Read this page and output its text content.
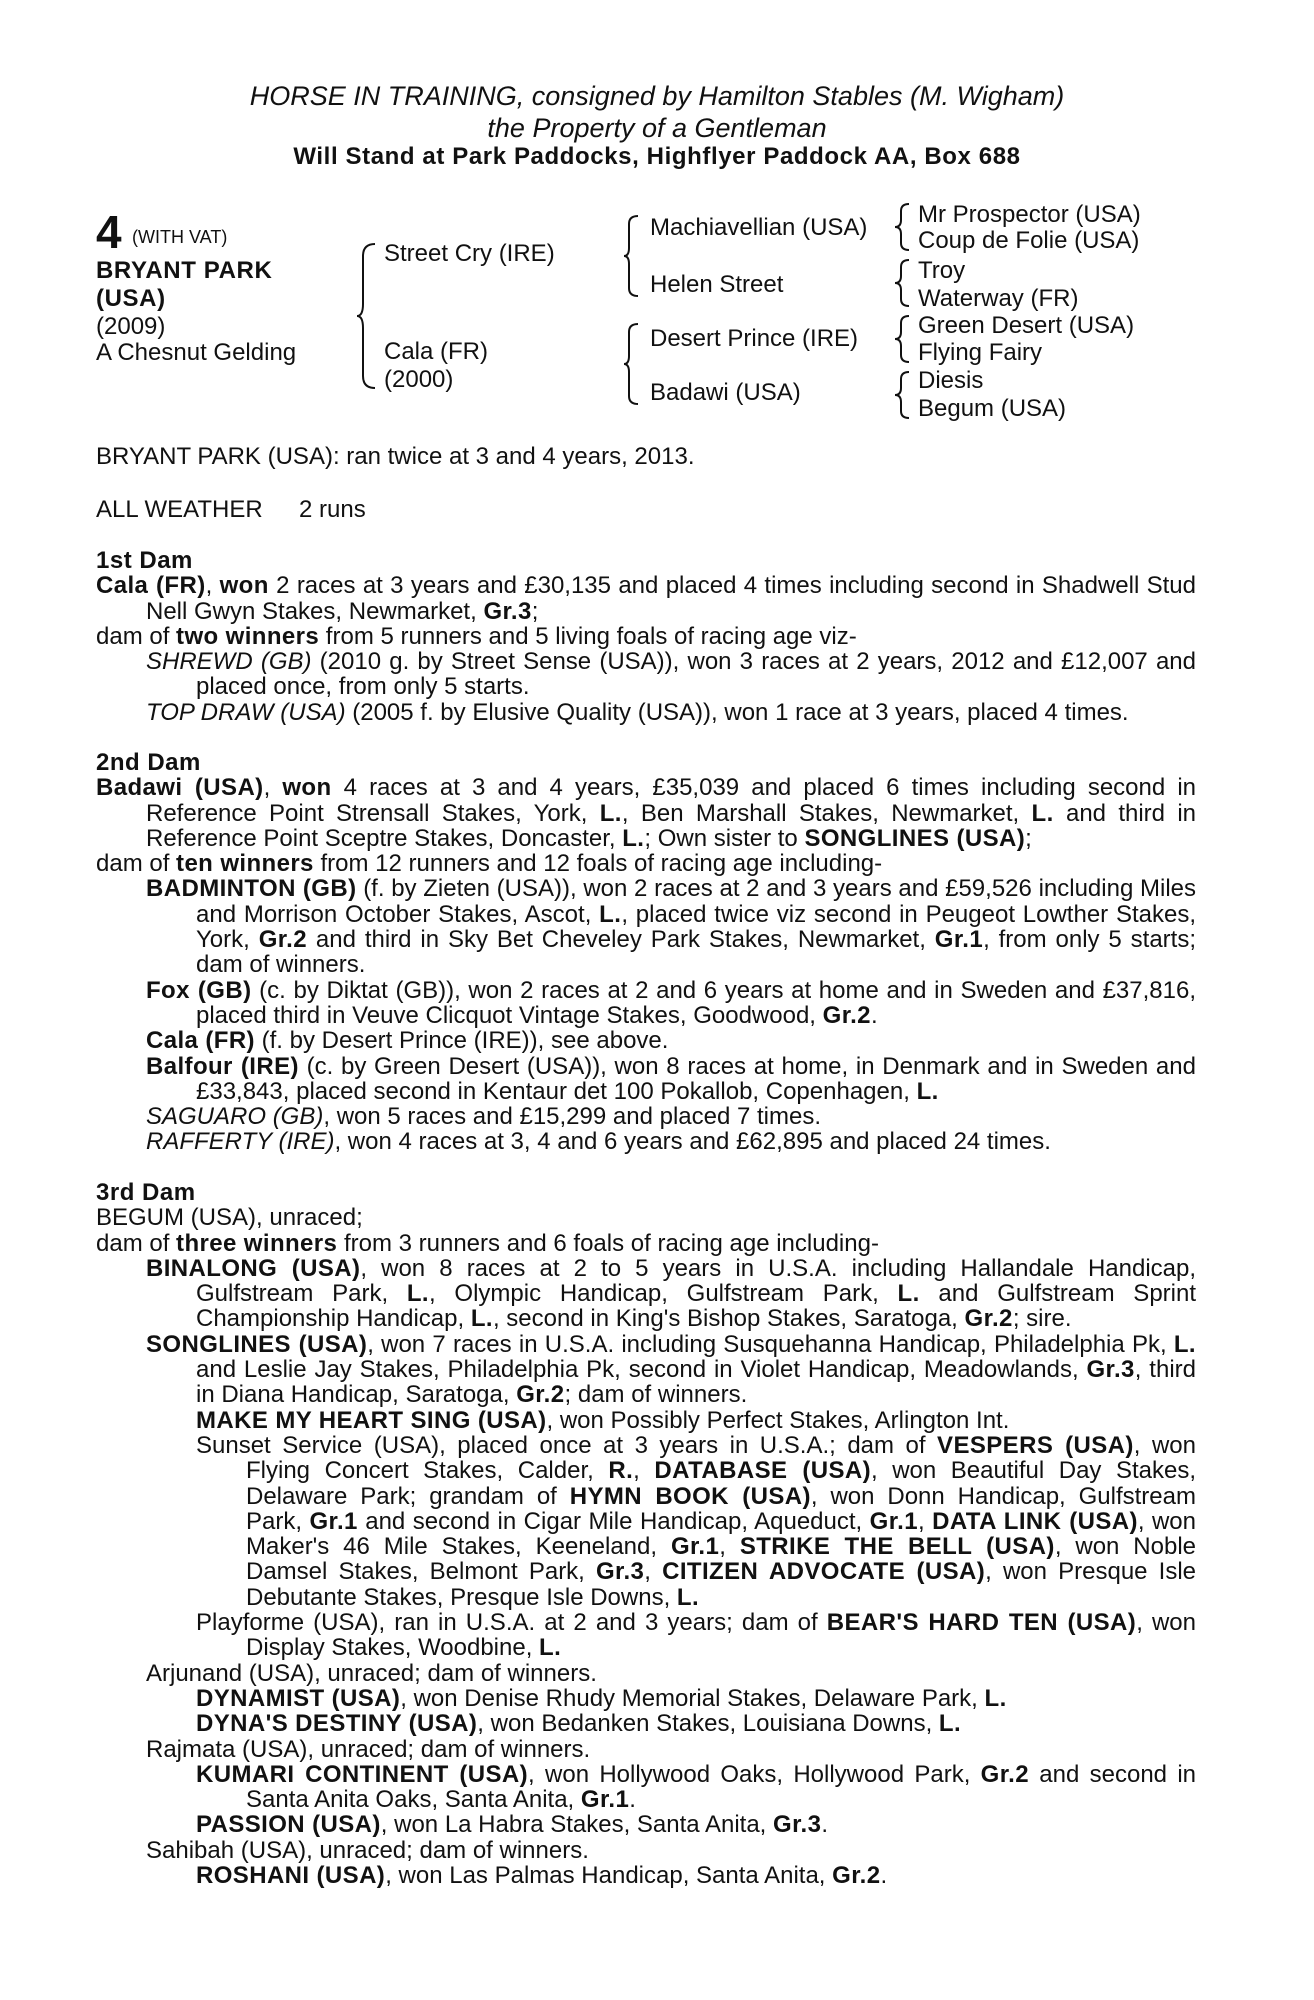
HORSE IN TRAINING, consigned by Hamilton Stables (M. Wigham)
the Property of a Gentleman
Will Stand at Park Paddocks, Highflyer Paddock AA, Box 688
4 (WITH VAT)
BRYANT PARK
(USA)
(2009)
A Chesnut Gelding
Street Cry (IRE)
Cala (FR)
(2000)
Machiavellian (USA)
Helen Street
Desert Prince (IRE)
Badawi (USA)
Mr Prospector (USA)
Coup de Folie (USA)
Troy
Waterway (FR)
Green Desert (USA)
Flying Fairy
Diesis
Begum (USA)
BRYANT PARK (USA): ran twice at 3 and 4 years, 2013.
ALL WEATHER 2 runs

1st Dam

Cala (FR), won 2 races at 3 years and £30,135 and placed 4 times including second in Shadwell Stud Nell Gwyn Stakes, Newmarket, Gr.3;

dam of two winners from 5 runners and 5 living foals of racing age viz-

SHREWD (GB) (2010 g. by Street Sense (USA)), won 3 races at 2 years, 2012 and £12,007 and placed once, from only 5 starts.

TOP DRAW (USA) (2005 f. by Elusive Quality (USA)), won 1 race at 3 years, placed 4 times.

2nd Dam

Badawi (USA), won 4 races at 3 and 4 years, £35,039 and placed 6 times including second in Reference Point Strensall Stakes, York, L., Ben Marshall Stakes, Newmarket, L. and third in Reference Point Sceptre Stakes, Doncaster, L.; Own sister to SONGLINES (USA);

dam of ten winners from 12 runners and 12 foals of racing age including-

BADMINTON (GB) (f. by Zieten (USA)), won 2 races at 2 and 3 years and £59,526 including Miles and Morrison October Stakes, Ascot, L., placed twice viz second in Peugeot Lowther Stakes, York, Gr.2 and third in Sky Bet Cheveley Park Stakes, Newmarket, Gr.1, from only 5 starts; dam of winners.

Fox (GB) (c. by Diktat (GB)), won 2 races at 2 and 6 years at home and in Sweden and £37,816, placed third in Veuve Clicquot Vintage Stakes, Goodwood, Gr.2.

Cala (FR) (f. by Desert Prince (IRE)), see above.

Balfour (IRE) (c. by Green Desert (USA)), won 8 races at home, in Denmark and in Sweden and £33,843, placed second in Kentaur det 100 Pokallob, Copenhagen, L.

SAGUARO (GB), won 5 races and £15,299 and placed 7 times.

RAFFERTY (IRE), won 4 races at 3, 4 and 6 years and £62,895 and placed 24 times.

3rd Dam

BEGUM (USA), unraced;

dam of three winners from 3 runners and 6 foals of racing age including-

BINALONG (USA), won 8 races at 2 to 5 years in U.S.A. including Hallandale Handicap, Gulfstream Park, L., Olympic Handicap, Gulfstream Park, L. and Gulfstream Sprint Championship Handicap, L., second in King's Bishop Stakes, Saratoga, Gr.2; sire.

SONGLINES (USA), won 7 races in U.S.A. including Susquehanna Handicap, Philadelphia Pk, L. and Leslie Jay Stakes, Philadelphia Pk, second in Violet Handicap, Meadowlands, Gr.3, third in Diana Handicap, Saratoga, Gr.2; dam of winners.

MAKE MY HEART SING (USA), won Possibly Perfect Stakes, Arlington Int.

Sunset Service (USA), placed once at 3 years in U.S.A.; dam of VESPERS (USA), won Flying Concert Stakes, Calder, R., DATABASE (USA), won Beautiful Day Stakes, Delaware Park; grandam of HYMN BOOK (USA), won Donn Handicap, Gulfstream Park, Gr.1 and second in Cigar Mile Handicap, Aqueduct, Gr.1, DATA LINK (USA), won Maker's 46 Mile Stakes, Keeneland, Gr.1, STRIKE THE BELL (USA), won Noble Damsel Stakes, Belmont Park, Gr.3, CITIZEN ADVOCATE (USA), won Presque Isle Debutante Stakes, Presque Isle Downs, L.

Playforme (USA), ran in U.S.A. at 2 and 3 years; dam of BEAR'S HARD TEN (USA), won Display Stakes, Woodbine, L.

Arjunand (USA), unraced; dam of winners.

DYNAMIST (USA), won Denise Rhudy Memorial Stakes, Delaware Park, L.

DYNA'S DESTINY (USA), won Bedanken Stakes, Louisiana Downs, L.

Rajmata (USA), unraced; dam of winners.

KUMARI CONTINENT (USA), won Hollywood Oaks, Hollywood Park, Gr.2 and second in Santa Anita Oaks, Santa Anita, Gr.1.

PASSION (USA), won La Habra Stakes, Santa Anita, Gr.3.

Sahibah (USA), unraced; dam of winners.

ROSHANI (USA), won Las Palmas Handicap, Santa Anita, Gr.2.
